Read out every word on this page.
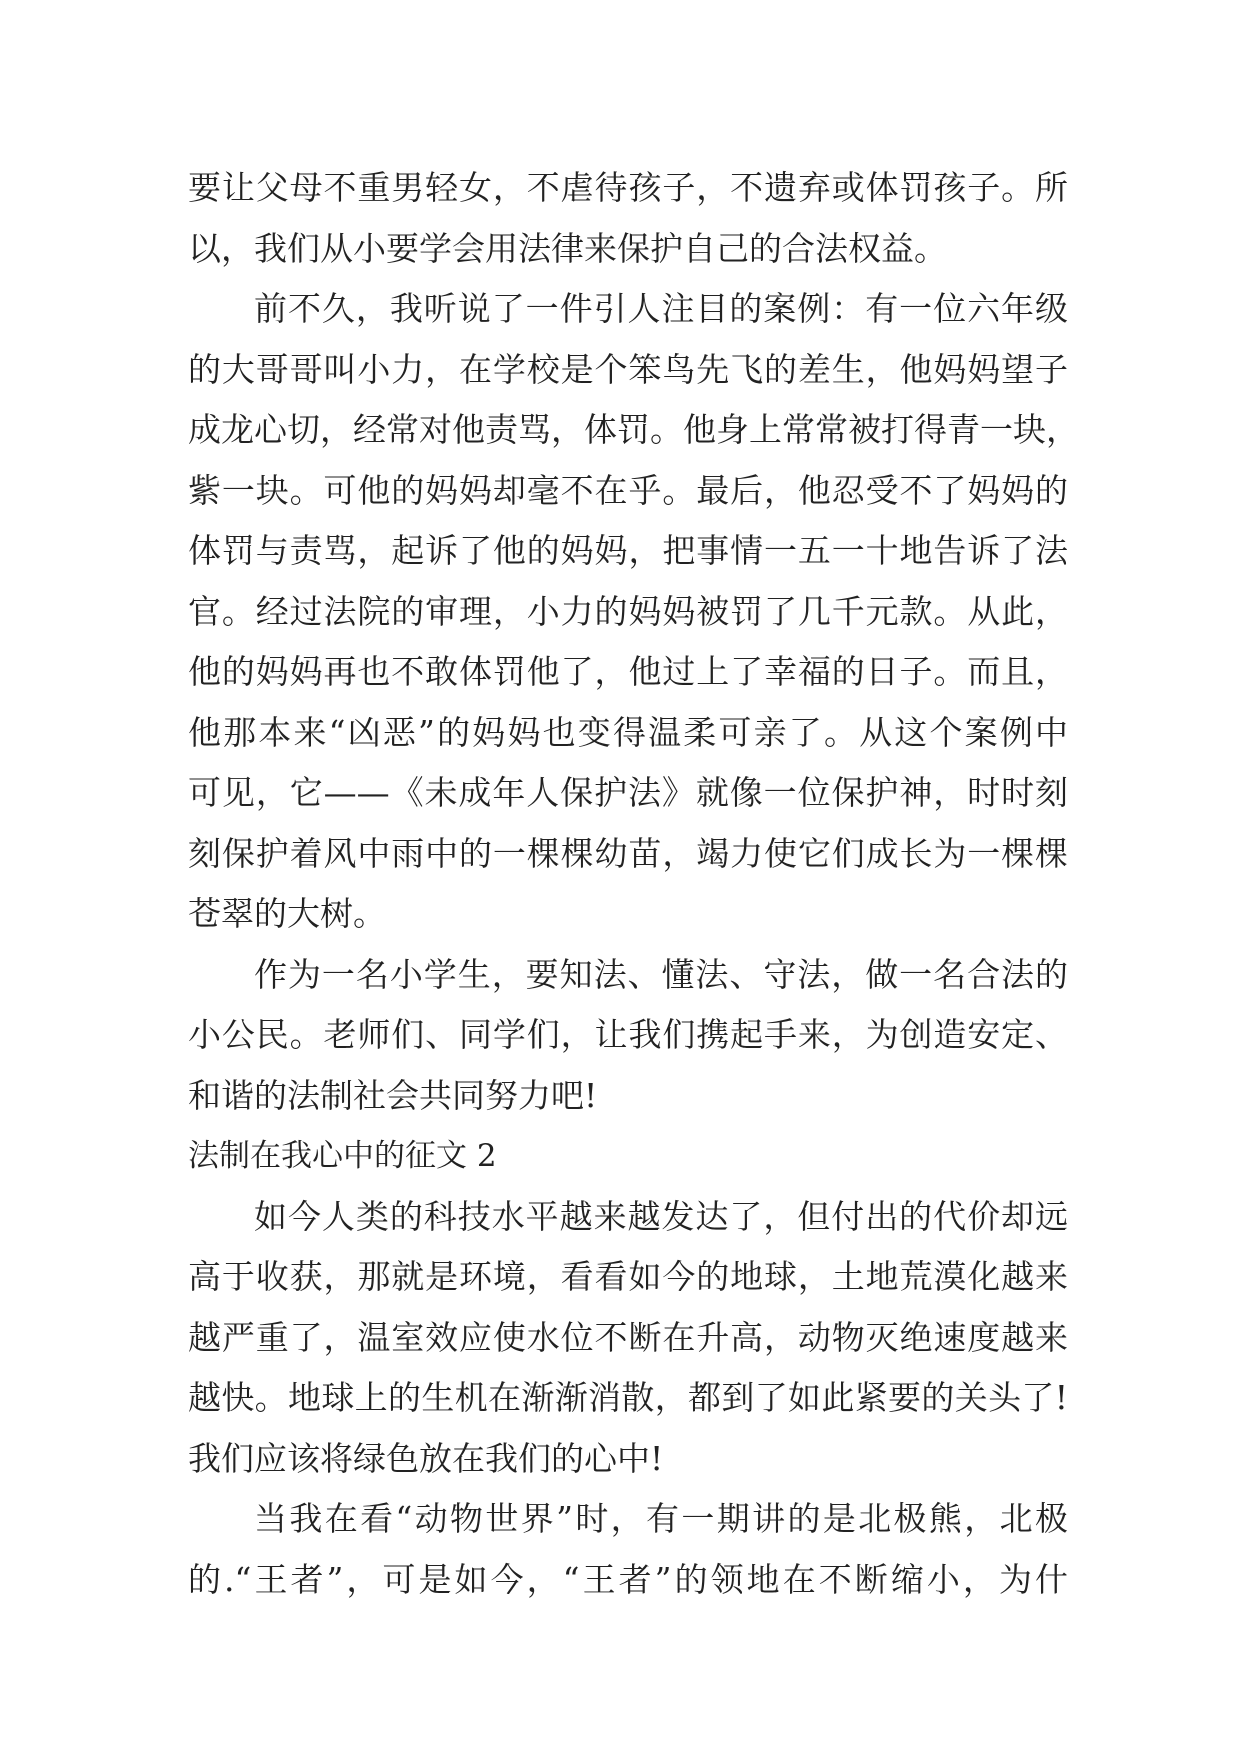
要让父母不重男轻女，不虐待孩子，不遗弃或体罚孩子。所
以，我们从小要学会用法律来保护自己的合法权益。
前不久，我听说了一件引人注目的案例：有一位六年级
的大哥哥叫小力，在学校是个笨鸟先飞的差生，他妈妈望子
成龙心切，经常对他责骂，体罚。他身上常常被打得青一块，
紫一块。可他的妈妈却毫不在乎。最后，他忍受不了妈妈的
体罚与责骂，起诉了他的妈妈，把事情一五一十地告诉了法
官。经过法院的审理，小力的妈妈被罚了几千元款。从此，
他的妈妈再也不敢体罚他了，他过上了幸福的日子。而且，
他那本来“凶恶”的妈妈也变得温柔可亲了。从这个案例中
可见，它——《未成年人保护法》就像一位保护神，时时刻
刻保护着风中雨中的一棵棵幼苗，竭力使它们成长为一棵棵
苍翠的大树。
作为一名小学生，要知法、懂法、守法，做一名合法的
小公民。老师们、同学们，让我们携起手来，为创造安定、
和谐的法制社会共同努力吧!
法制在我心中的征文 2
如今人类的科技水平越来越发达了，但付出的代价却远
高于收获，那就是环境，看看如今的地球，土地荒漠化越来
越严重了，温室效应使水位不断在升高，动物灭绝速度越来
越快。地球上的生机在渐渐消散，都到了如此紧要的关头了!
我们应该将绿色放在我们的心中!
当我在看“动物世界”时，有一期讲的是北极熊，北极
的.“王者”，可是如今，“王者”的领地在不断缩小，为什
